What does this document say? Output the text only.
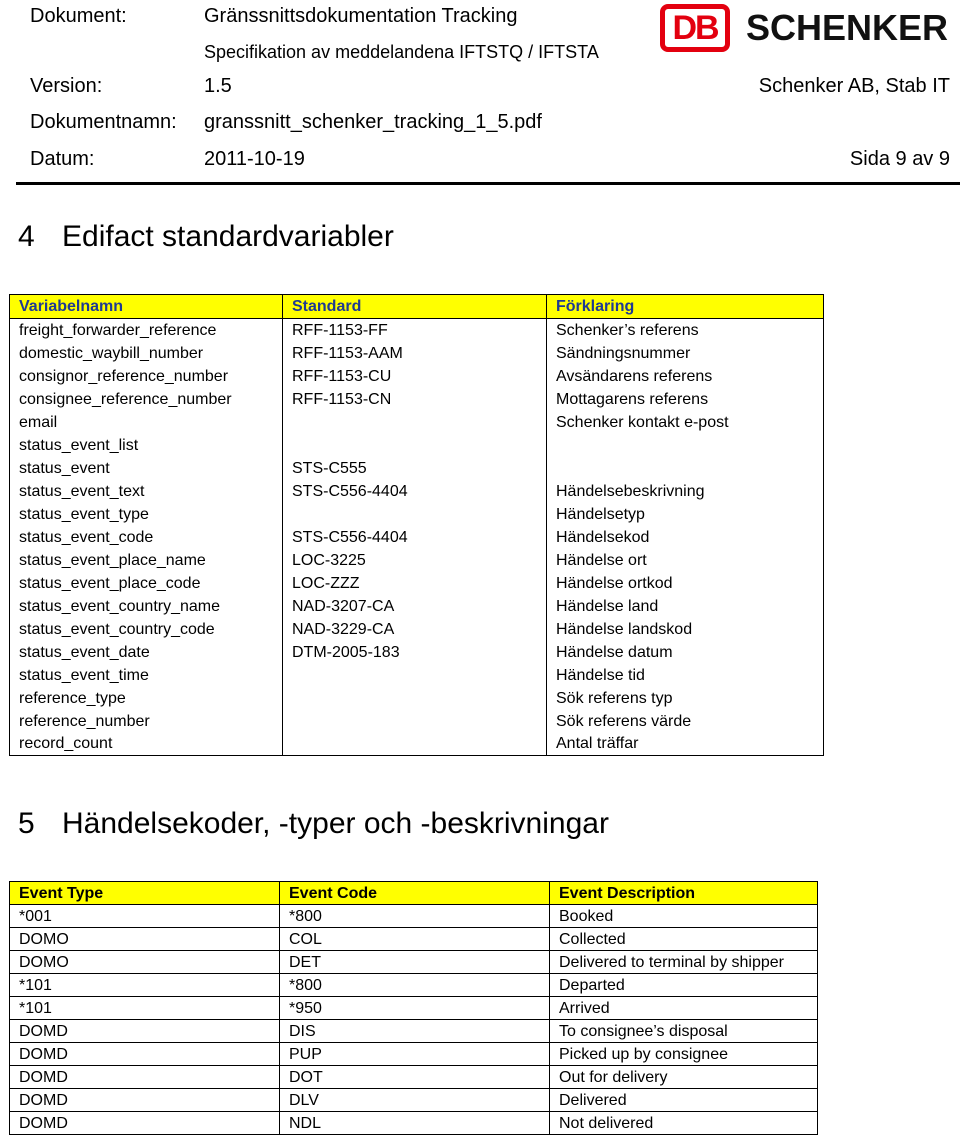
Dokument:	Gränssnittsdokumentation Tracking
Specifikation av meddelandena IFTSTQ / IFTSTA
DB SCHENKER
Version:	1.5	Schenker AB, Stab IT
Dokumentnamn: granssnitt_schenker_tracking_1_5.pdf
Datum:	2011-10-19	Sida 9 av 9
4 Edifact standardvariabler
Variabelnamn	Standard	Förklaring
freight_forwarder_reference	RFF-1153-FF	Schenker’s referens
domestic_waybill_number	RFF-1153-AAM	Sändningsnummer
consignor_reference_number	RFF-1153-CU	Avsändarens referens
consignee_reference_number	RFF-1153-CN	Mottagarens referens
email		Schenker kontakt e-post
status_event_list		
status_event	STS-C555	
status_event_text	STS-C556-4404	Händelsebeskrivning
status_event_type		Händelsetyp
status_event_code	STS-C556-4404	Händelsekod
status_event_place_name	LOC-3225	Händelse ort
status_event_place_code	LOC-ZZZ	Händelse ortkod
status_event_country_name	NAD-3207-CA	Händelse land
status_event_country_code	NAD-3229-CA	Händelse landskod
status_event_date	DTM-2005-183	Händelse datum
status_event_time		Händelse tid
reference_type		Sök referens typ
reference_number		Sök referens värde
record_count		Antal träffar
5 Händelsekoder, -typer och -beskrivningar
Event Type	Event Code	Event Description
*001	*800	Booked
DOMO	COL	Collected
DOMO	DET	Delivered to terminal by shipper
*101	*800	Departed
*101	*950	Arrived
DOMD	DIS	To consignee’s disposal
DOMD	PUP	Picked up by consignee
DOMD	DOT	Out for delivery
DOMD	DLV	Delivered
DOMD	NDL	Not delivered
